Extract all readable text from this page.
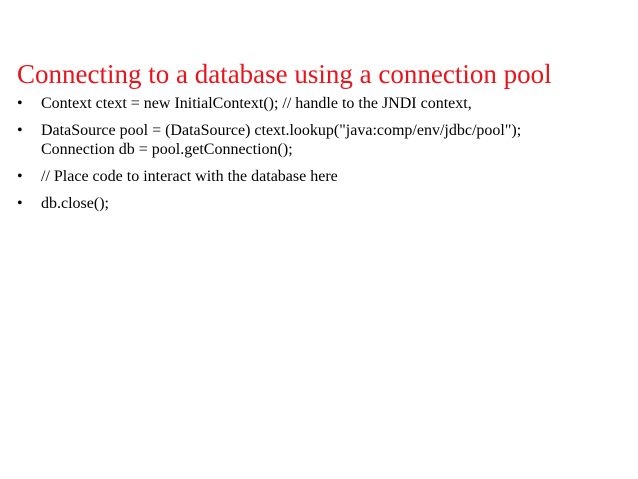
Connecting to a database using a connection pool
•	Context ctext = new InitialContext(); // handle to the JNDI context,
•	DataSource pool = (DataSource) ctext.lookup("java:comp/env/jdbc/pool");
Connection db = pool.getConnection();
•	// Place code to interact with the database here
•	db.close();
